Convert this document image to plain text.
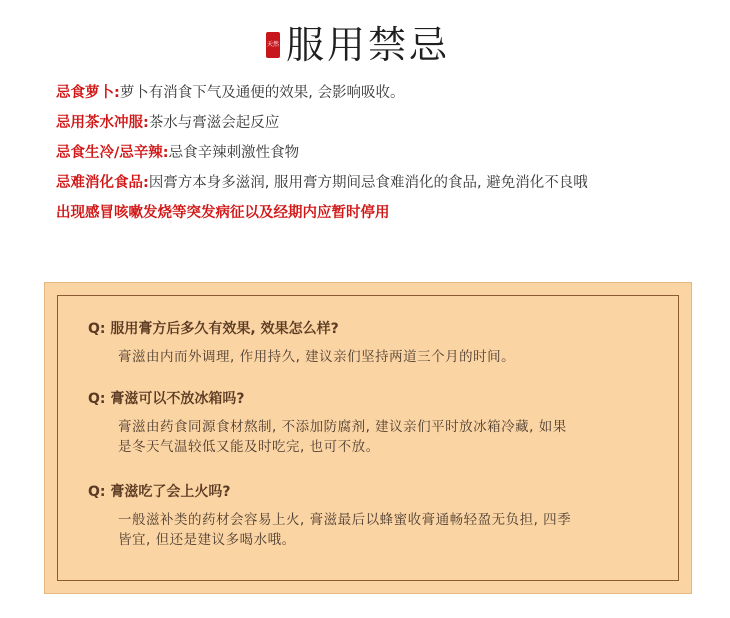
天然 服用禁忌

忌食萝卜:萝卜有消食下气及通便的效果, 会影响吸收。

忌用茶水冲服:茶水与膏滋会起反应

忌食生冷/忌辛辣:忌食辛辣刺激性食物

忌难消化食品:因膏方本身多滋润, 服用膏方期间忌食难消化的食品, 避免消化不良哦

出现感冒咳嗽发烧等突发病征以及经期内应暂时停用

Q: 服用膏方后多久有效果, 效果怎么样?
膏滋由内而外调理, 作用持久, 建议亲们坚持两道三个月的时间。
Q: 膏滋可以不放冰箱吗?
膏滋由药食同源食材熬制, 不添加防腐剂, 建议亲们平时放冰箱冷藏, 如果
是冬天气温较低又能及时吃完, 也可不放。
Q: 膏滋吃了会上火吗?
一般滋补类的药材会容易上火, 膏滋最后以蜂蜜收膏通畅轻盈无负担, 四季
皆宜, 但还是建议多喝水哦。
